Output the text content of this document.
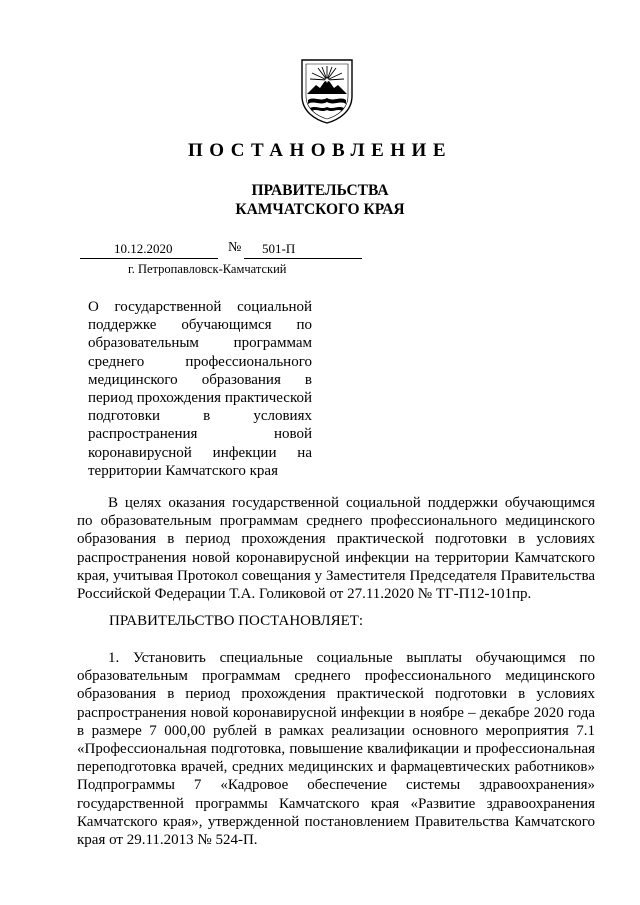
ПОСТАНОВЛЕНИЕ
ПРАВИТЕЛЬСТВА
КАМЧАТСКОГО КРАЯ
10.12.2020	№ 501-П
г. Петропавловск-Камчатский
О государственной социальной поддержке обучающимся по образовательным программам среднего профессионального медицинского образования в период прохождения практической подготовки в условиях распространения новой коронавирусной инфекции на территории Камчатского края
В целях оказания государственной социальной поддержки обучающимся по образовательным программам среднего профессионального медицинского образования в период прохождения практической подготовки в условиях распространения новой коронавирусной инфекции на территории Камчатского края, учитывая Протокол совещания у Заместителя Председателя Правительства Российской Федерации Т.А. Голиковой от 27.11.2020 № ТГ-П12-101пр.
ПРАВИТЕЛЬСТВО ПОСТАНОВЛЯЕТ:
1. Установить специальные социальные выплаты обучающимся по образовательным программам среднего профессионального медицинского образования в период прохождения практической подготовки в условиях распространения новой коронавирусной инфекции в ноябре – декабре 2020 года в размере 7 000,00 рублей в рамках реализации основного мероприятия 7.1 «Профессиональная подготовка, повышение квалификации и профессиональная переподготовка врачей, средних медицинских и фармацевтических работников» Подпрограммы 7 «Кадровое обеспечение системы здравоохранения» государственной программы Камчатского края «Развитие здравоохранения Камчатского края», утвержденной постановлением Правительства Камчатского края от 29.11.2013 № 524-П.
